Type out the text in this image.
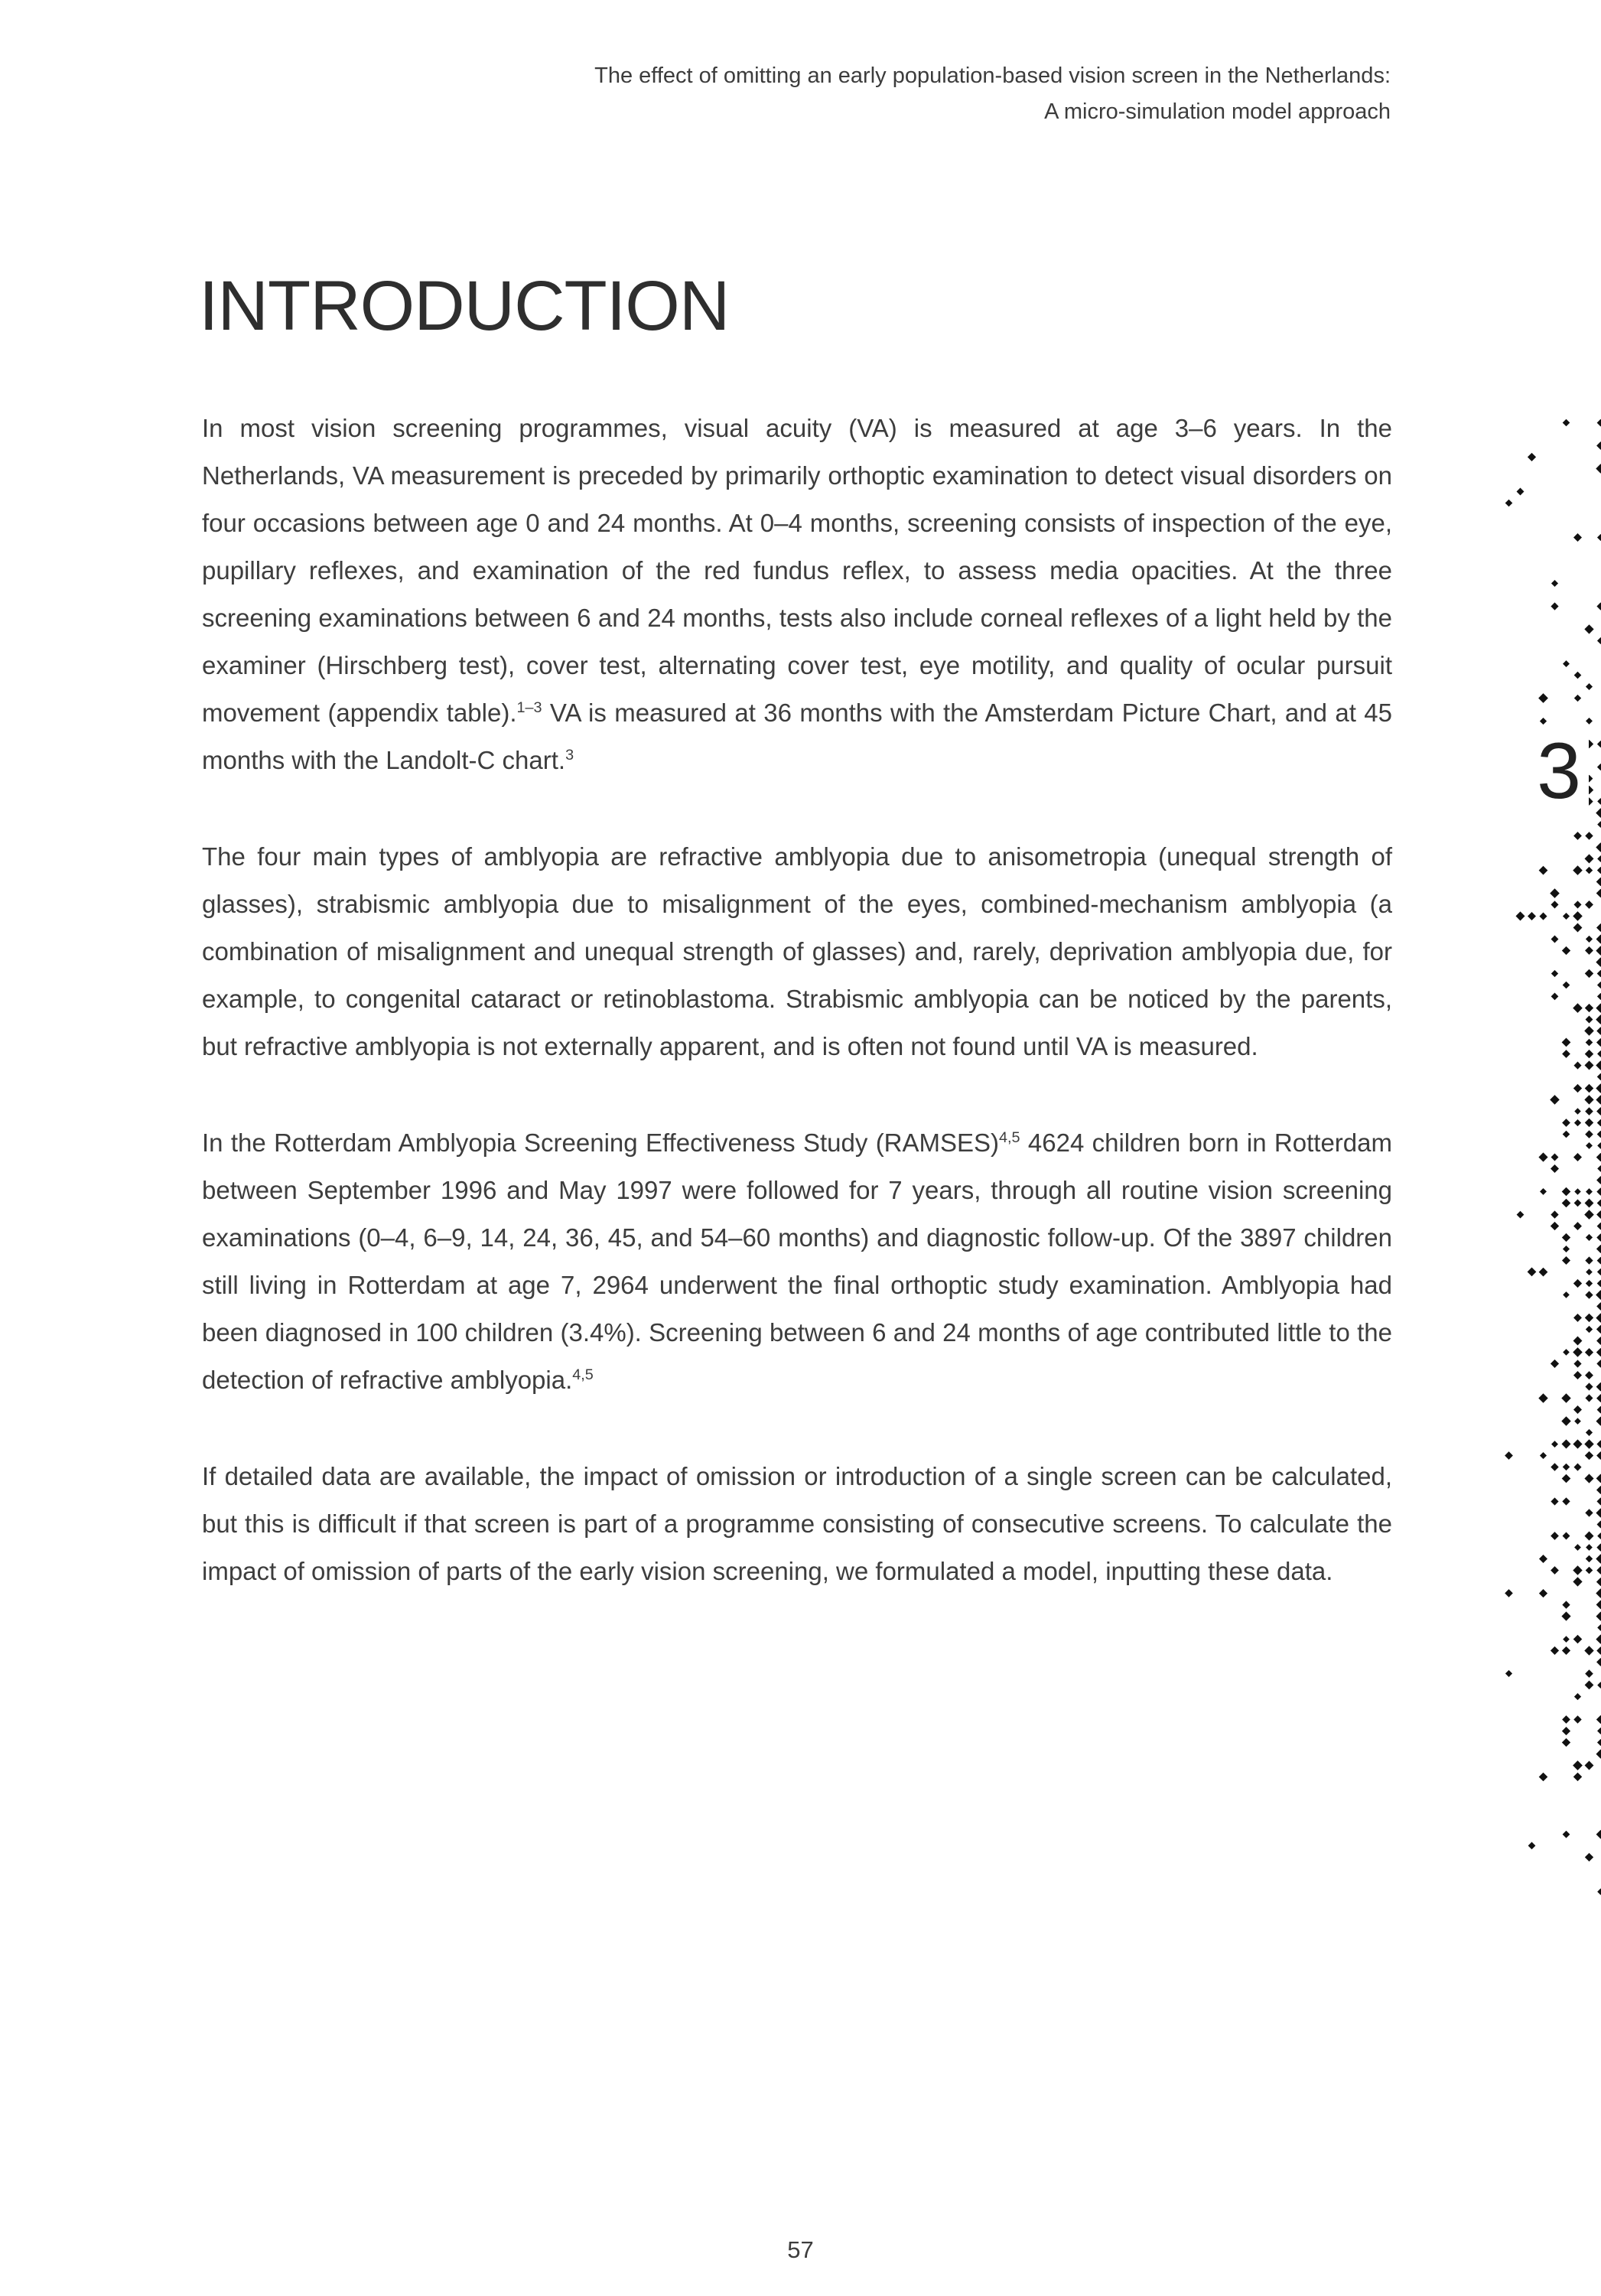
The effect of omitting an early population-based vision screen in the Netherlands:
A micro-simulation model approach
INTRODUCTION

In most vision screening programmes, visual acuity (VA) is measured at age 3–6 years. In the Netherlands, VA measurement is preceded by primarily orthoptic examination to detect visual disorders on four occasions between age 0 and 24 months. At 0–4 months, screening consists of inspection of the eye, pupillary reflexes, and examination of the red fundus reflex, to assess media opacities. At the three screening examinations between 6 and 24 months, tests also include corneal reflexes of a light held by the examiner (Hirschberg test), cover test, alternating cover test, eye motility, and quality of ocular pursuit movement (appendix table).$^{1-3}$ VA is measured at 36 months with the Amsterdam Picture Chart, and at 45 months with the Landolt-C chart.$^3$

The four main types of amblyopia are refractive amblyopia due to anisometropia (unequal strength of glasses), strabismic amblyopia due to misalignment of the eyes, combined-mechanism amblyopia (a combination of misalignment and unequal strength of glasses) and, rarely, deprivation amblyopia due, for example, to congenital cataract or retinoblastoma. Strabismic amblyopia can be noticed by the parents, but refractive amblyopia is not externally apparent, and is often not found until VA is measured.

In the Rotterdam Amblyopia Screening Effectiveness Study (RAMSES)$^{4,5}$ 4624 children born in Rotterdam between September 1996 and May 1997 were followed for 7 years, through all routine vision screening examinations (0–4, 6–9, 14, 24, 36, 45, and 54–60 months) and diagnostic follow-up. Of the 3897 children still living in Rotterdam at age 7, 2964 underwent the final orthoptic study examination. Amblyopia had been diagnosed in 100 children (3.4%). Screening between 6 and 24 months of age contributed little to the detection of refractive amblyopia.$^{4,5}$

If detailed data are available, the impact of omission or introduction of a single screen can be calculated, but this is difficult if that screen is part of a programme consisting of consecutive screens. To calculate the impact of omission of parts of the early vision screening, we formulated a model, inputting these data.

3
57
